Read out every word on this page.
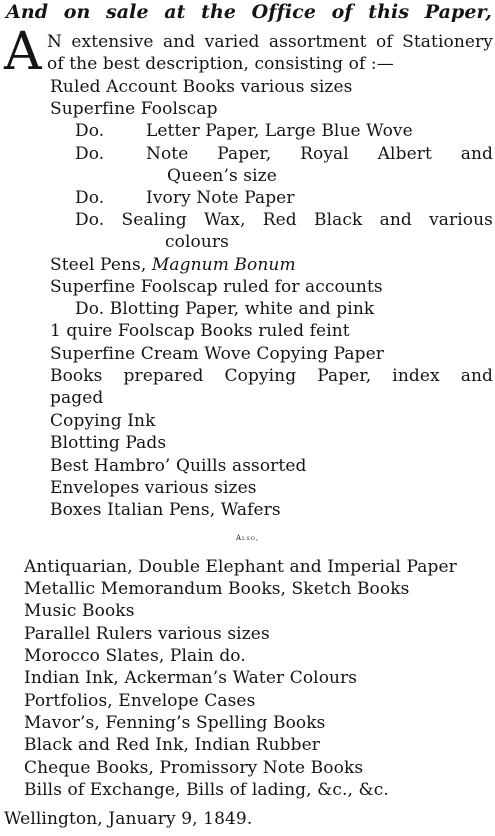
And on sale at the Office of this Paper,
A N extensive and varied assortment of Stationery
of the best description, consisting of :—
Ruled Account Books various sizes
Superfine Foolscap
Do. Letter Paper, Large Blue Wove
Do. Note Paper, Royal Albert and
Queen’s size
Do. Ivory Note Paper
Do. Sealing Wax, Red Black and various
colours
Steel Pens, Magnum Bonum
Superfine Foolscap ruled for accounts
Do. Blotting Paper, white and pink
1 quire Foolscap Books ruled feint
Superfine Cream Wove Copying Paper
Books prepared Copying Paper, index and
paged
Copying Ink
Blotting Pads
Best Hambro’ Quills assorted
Envelopes various sizes
Boxes Italian Pens, Wafers
Also,
Antiquarian, Double Elephant and Imperial Paper
Metallic Memorandum Books, Sketch Books
Music Books
Parallel Rulers various sizes
Morocco Slates, Plain do.
Indian Ink, Ackerman’s Water Colours
Portfolios, Envelope Cases
Mavor’s, Fenning’s Spelling Books
Black and Red Ink, Indian Rubber
Cheque Books, Promissory Note Books
Bills of Exchange, Bills of lading, &c., &c.
Wellington, January 9, 1849.
